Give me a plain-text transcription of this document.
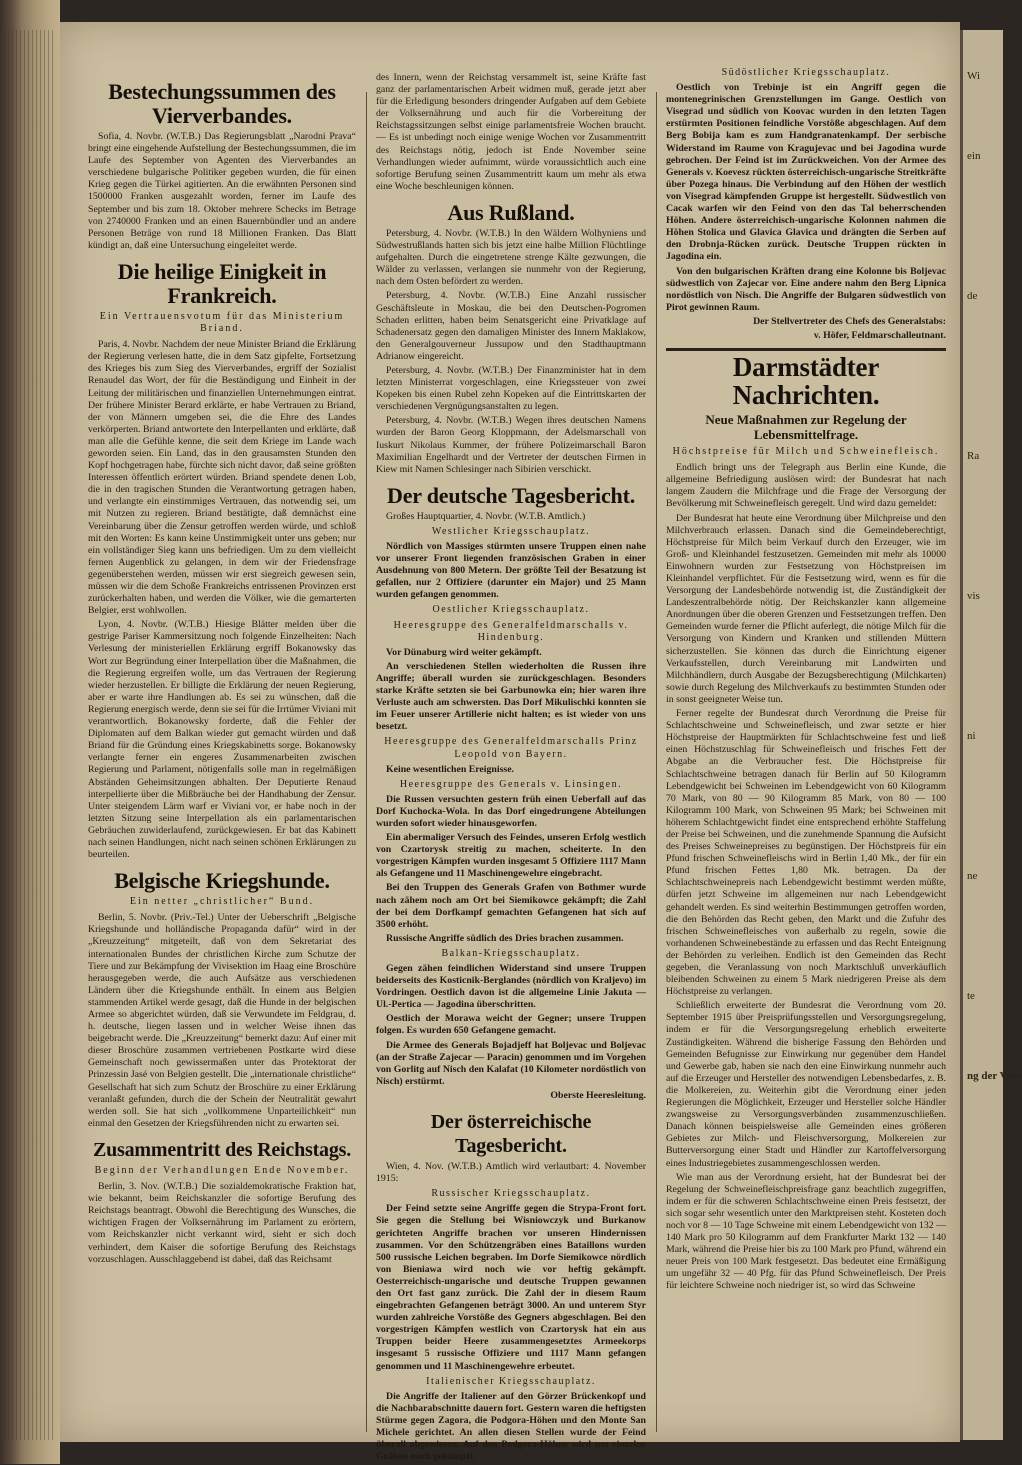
Bestechungssummen des Vierverbandes.

Sofia, 4. Novbr. (W.T.B.) Das Regierungsblatt „Narodni Prava“ bringt eine eingehende Aufstellung der Bestechungssummen, die im Laufe des September von Agenten des Vierverbandes an verschiedene bulgarische Politiker gegeben wurden, die für einen Krieg gegen die Türkei agitierten. An die erwähnten Personen sind 1500000 Franken ausgezahlt worden, ferner im Laufe des September und bis zum 18. Oktober mehrere Schecks im Betrage von 2740000 Franken und an einen Bauernbündler und an andere Personen Beträge von rund 18 Millionen Franken. Das Blatt kündigt an, daß eine Untersuchung eingeleitet werde.

Die heilige Einigkeit in Frankreich.

Ein Vertrauensvotum für das Ministerium Briand.

Paris, 4. Novbr. Nachdem der neue Minister Briand die Erklärung der Regierung verlesen hatte, die in dem Satz gipfelte, Fortsetzung des Krieges bis zum Sieg des Vierverbandes, ergriff der Sozialist Renaudel das Wort, der für die Beständigung und Einheit in der Leitung der militärischen und finanziellen Unternehmungen eintrat. Der frühere Minister Berard erklärte, er habe Vertrauen zu Briand, der von Männern umgeben sei, die die Ehre des Landes verkörperten. Briand antwortete den Interpellanten und erklärte, daß man alle die Gefühle kenne, die seit dem Kriege im Lande wach geworden seien. Ein Land, das in den grausamsten Stunden den Kopf hochgetragen habe, fürchte sich nicht davor, daß seine größten Interessen öffentlich erörtert würden. Briand spendete denen Lob, die in den tragischen Stunden die Verantwortung getragen haben, und verlangte ein einstimmiges Vertrauen, das notwendig sei, um mit Nutzen zu regieren. Briand bestätigte, daß demnächst eine Vereinbarung über die Zensur getroffen werden würde, und schloß mit den Worten: Es kann keine Unstimmigkeit unter uns geben; nur ein vollständiger Sieg kann uns befriedigen. Um zu dem vielleicht fernen Augenblick zu gelangen, in dem wir der Friedensfrage gegenüberstehen werden, müssen wir erst siegreich gewesen sein, müssen wir die dem Schoße Frankreichs entrissenen Provinzen erst zurückerhalten haben, und werden die Völker, wie die gemarterten Belgier, erst wohlwollen.

Lyon, 4. Novbr. (W.T.B.) Hiesige Blätter melden über die gestrige Pariser Kammersitzung noch folgende Einzelheiten: Nach Verlesung der ministeriellen Erklärung ergriff Bokanowsky das Wort zur Begründung einer Interpellation über die Maßnahmen, die die Regierung ergreifen wolle, um das Vertrauen der Regierung wieder herzustellen. Er billigte die Erklärung der neuen Regierung, aber er warte ihre Handlungen ab. Es sei zu wünschen, daß die Regierung energisch werde, denn sie sei für die Irrtümer Viviani mit verantwortlich. Bokanowsky forderte, daß die Fehler der Diplomaten auf dem Balkan wieder gut gemacht würden und daß Briand für die Gründung eines Kriegskabinetts sorge. Bokanowsky verlangte ferner ein engeres Zusammenarbeiten zwischen Regierung und Parlament, nötigenfalls solle man in regelmäßigen Abständen Geheimsitzungen abhalten. Der Deputierte Renaud interpellierte über die Mißbräuche bei der Handhabung der Zensur. Unter steigendem Lärm warf er Viviani vor, er habe noch in der letzten Sitzung seine Interpellation als ein parlamentarischen Gebräuchen zuwiderlaufend, zurückgewiesen. Er bat das Kabinett nach seinen Handlungen, nicht nach seinen schönen Erklärungen zu beurteilen.

Belgische Kriegshunde.

Ein netter „christlicher“ Bund.

Berlin, 5. Novbr. (Priv.-Tel.) Unter der Ueberschrift „Belgische Kriegshunde und holländische Propaganda dafür“ wird in der „Kreuzzeitung“ mitgeteilt, daß von dem Sekretariat des internationalen Bundes der christlichen Kirche zum Schutze der Tiere und zur Bekämpfung der Vivisektion im Haag eine Broschüre herausgegeben werde, die auch Aufsätze aus verschiedenen Ländern über die Kriegshunde enthält. In einem aus Belgien stammenden Artikel werde gesagt, daß die Hunde in der belgischen Armee so abgerichtet würden, daß sie Verwundete im Feldgrau, d. h. deutsche, liegen lassen und in welcher Weise ihnen das beigebracht werde. Die „Kreuzzeitung“ bemerkt dazu: Auf einer mit dieser Broschüre zusammen vertriebenen Postkarte wird diese Gemeinschaft noch gewissermaßen unter das Protektorat der Prinzessin Jasé von Belgien gestellt. Die „internationale christliche“ Gesellschaft hat sich zum Schutz der Broschüre zu einer Erklärung veranlaßt gefunden, durch die der Schein der Neutralität gewahrt werden soll. Sie hat sich „vollkommene Unparteilichkeit“ nun einmal den Gesetzen der Kriegsführenden nicht zu erwarten sei.

Zusammentritt des Reichstags.

Beginn der Verhandlungen Ende November.

Berlin, 3. Nov. (W.T.B.) Die sozialdemokratische Fraktion hat, wie bekannt, beim Reichskanzler die sofortige Berufung des Reichstags beantragt. Obwohl die Berechtigung des Wunsches, die wichtigen Fragen der Volksernährung im Parlament zu erörtern, vom Reichskanzler nicht verkannt wird, sieht er sich doch verhindert, dem Kaiser die sofortige Berufung des Reichstags vorzuschlagen. Ausschlaggebend ist dabei, daß das Reichsamt

des Innern, wenn der Reichstag versammelt ist, seine Kräfte fast ganz der parlamentarischen Arbeit widmen muß, gerade jetzt aber für die Erledigung besonders dringender Aufgaben auf dem Gebiete der Volksernährung und auch für die Vorbereitung der Reichstagssitzungen selbst einige parlamentsfreie Wochen braucht. — Es ist unbedingt noch einige wenige Wochen vor Zusammentritt des Reichstags nötig, jedoch ist Ende November seine Verhandlungen wieder aufnimmt, würde voraussichtlich auch eine sofortige Berufung seinen Zusammentritt kaum um mehr als etwa eine Woche beschleunigen können.

Aus Rußland.

Petersburg, 4. Novbr. (W.T.B.) In den Wäldern Wolhyniens und Südwestrußlands hatten sich bis jetzt eine halbe Million Flüchtlinge aufgehalten. Durch die eingetretene strenge Kälte gezwungen, die Wälder zu verlassen, verlangen sie nunmehr von der Regierung, nach dem Osten befördert zu werden.

Petersburg, 4. Novbr. (W.T.B.) Eine Anzahl russischer Geschäftsleute in Moskau, die bei den Deutschen-Pogromen Schaden erlitten, haben beim Senatsgericht eine Privatklage auf Schadenersatz gegen den damaligen Minister des Innern Maklakow, den Generalgouverneur Jussupow und den Stadthauptmann Adrianow eingereicht.

Petersburg, 4. Novbr. (W.T.B.) Der Finanzminister hat in dem letzten Ministerrat vorgeschlagen, eine Kriegssteuer von zwei Kopeken bis einen Rubel zehn Kopeken auf die Eintrittskarten der verschiedenen Vergnügungsanstalten zu legen.

Petersburg, 4. Novbr. (W.T.B.) Wegen ihres deutschen Namens wurden der Baron Georg Kloppmann, der Adelsmarschall von Iuskurt Nikolaus Kummer, der frühere Polizeimarschall Baron Maximilian Engelhardt und der Vertreter der deutschen Firmen in Kiew mit Namen Schlesinger nach Sibirien verschickt.

Der deutsche Tagesbericht.

Großes Hauptquartier, 4. Novbr. (W.T.B. Amtlich.)

Westlicher Kriegsschauplatz.

Nördlich von Massiges stürmten unsere Truppen einen nahe vor unserer Front liegenden französischen Graben in einer Ausdehnung von 800 Metern. Der größte Teil der Besatzung ist gefallen, nur 2 Offiziere (darunter ein Major) und 25 Mann wurden gefangen genommen.

Oestlicher Kriegsschauplatz.

Heeresgruppe des Generalfeldmarschalls v. Hindenburg.

Vor Dünaburg wird weiter gekämpft.

An verschiedenen Stellen wiederholten die Russen ihre Angriffe; überall wurden sie zurückgeschlagen. Besonders starke Kräfte setzten sie bei Garbunowka ein; hier waren ihre Verluste auch am schwersten. Das Dorf Mikulischki konnten sie im Feuer unserer Artillerie nicht halten; es ist wieder von uns besetzt.

Heeresgruppe des Generalfeldmarschalls Prinz Leopold von Bayern.

Keine wesentlichen Ereignisse.

Heeresgruppe des Generals v. Linsingen.

Die Russen versuchten gestern früh einen Ueberfall auf das Dorf Kuchocka-Wola. In das Dorf eingedrungene Abteilungen wurden sofort wieder hinausgeworfen.

Ein abermaliger Versuch des Feindes, unseren Erfolg westlich von Czartorysk streitig zu machen, scheiterte. In den vorgestrigen Kämpfen wurden insgesamt 5 Offiziere 1117 Mann als Gefangene und 11 Maschinengewehre eingebracht.

Bei den Truppen des Generals Grafen von Bothmer wurde nach zähem noch am Ort bei Siemikowce gekämpft; die Zahl der bei dem Dorfkampf gemachten Gefangenen hat sich auf 3500 erhöht.

Russische Angriffe südlich des Dries brachen zusammen.

Balkan-Kriegsschauplatz.

Gegen zähen feindlichen Widerstand sind unsere Truppen beiderseits des Kosticnik-Berglandes (nördlich von Kraljevo) im Vordringen. Oestlich davon ist die allgemeine Linie Jakuta — Ul.-Pertica — Jagodina überschritten.

Oestlich der Morawa weicht der Gegner; unsere Truppen folgen. Es wurden 650 Gefangene gemacht.

Die Armee des Generals Bojadjeff hat Boljevac und Boljevac (an der Straße Zajecar — Paracin) genommen und im Vorgehen von Gorlitg auf Nisch den Kalafat (10 Kilometer nordöstlich von Nisch) erstürmt.

Oberste Heeresleitung.

Der österreichische Tagesbericht.

Wien, 4. Nov. (W.T.B.) Amtlich wird verlautbart: 4. November 1915:

Russischer Kriegsschauplatz.

Der Feind setzte seine Angriffe gegen die Strypa-Front fort. Sie gegen die Stellung bei Wisniowczyk und Burkanow gerichteten Angriffe brachen vor unseren Hindernissen zusammen. Vor den Schützengräben eines Bataillons wurden 500 russische Leichen begraben. Im Dorfe Siemikowce nördlich von Bieniawa wird noch wie vor heftig gekämpft. Oesterreichisch-ungarische und deutsche Truppen gewannen den Ort fast ganz zurück. Die Zahl der in diesem Raum eingebrachten Gefangenen beträgt 3000. An und unterem Styr wurden zahlreiche Vorstöße des Gegners abgeschlagen. Bei den vorgestrigen Kämpfen westlich von Czartorysk hat ein aus Truppen beider Heere zusammengesetztes Armeekorps insgesamt 5 russische Offiziere und 1117 Mann gefangen genommen und 11 Maschinengewehre erbeutet.

Italienischer Kriegsschauplatz.

Die Angriffe der Italiener auf den Görzer Brückenkopf und die Nachbarabschnitte dauern fort. Gestern waren die heftigsten Stürme gegen Zagora, die Podgora-Höhen und den Monte San Michele gerichtet. An allen diesen Stellen wurde der Feind überall abgewiesen. Auf den Podgora-Höhen wird um einzelne Gräben noch gekämpft.

Südöstlicher Kriegsschauplatz.

Oestlich von Trebinje ist ein Angriff gegen die montenegrinischen Grenzstellungen im Gange. Oestlich von Visegrad und südlich von Koovac wurden in den letzten Tagen erstürmten Positionen feindliche Vorstöße abgeschlagen. Auf dem Berg Bobija kam es zum Handgranatenkampf. Der serbische Widerstand im Raume von Kragujevac und bei Jagodina wurde gebrochen. Der Feind ist im Zurückweichen. Von der Armee des Generals v. Koevesz rückten österreichisch-ungarische Streitkräfte über Pozega hinaus. Die Verbindung auf den Höhen der westlich von Visegrad kämpfenden Gruppe ist hergestellt. Südwestlich von Cacak warfen wir den Feind von den das Tal beherrschenden Höhen. Andere österreichisch-ungarische Kolonnen nahmen die Höhen Stolica und Glavica Glavica und drängten die Serben auf den Drobnja-Rücken zurück. Deutsche Truppen rückten in Jagodina ein.

Von den bulgarischen Kräften drang eine Kolonne bis Boljevac südwestlich von Zajecar vor. Eine andere nahm den Berg Lipnica nordöstlich von Nisch. Die Angriffe der Bulgaren südwestlich von Pirot gewinnen Raum.

Der Stellvertreter des Chefs des Generalstabs:

v. Höfer, Feldmarschalleutnant.

Darmstädter Nachrichten.

Neue Maßnahmen zur Regelung der Lebensmittelfrage.

Höchstpreise für Milch und Schweinefleisch.

Endlich bringt uns der Telegraph aus Berlin eine Kunde, die allgemeine Befriedigung auslösen wird: der Bundesrat hat nach langem Zaudern die Milchfrage und die Frage der Versorgung der Bevölkerung mit Schweinefleisch geregelt. Und wird dazu gemeldet:

Der Bundesrat hat heute eine Verordnung über Milchpreise und den Milchverbrauch erlassen. Danach sind die Gemeindeberechtigt, Höchstpreise für Milch beim Verkauf durch den Erzeuger, wie im Groß- und Kleinhandel festzusetzen. Gemeinden mit mehr als 10000 Einwohnern wurden zur Festsetzung von Höchstpreisen im Kleinhandel verpflichtet. Für die Festsetzung wird, wenn es für die Versorgung der Landesbehörde notwendig ist, die Zuständigkeit der Landeszentralbehörde nötig. Der Reichskanzler kann allgemeine Anordnungen über die oberen Grenzen und Festsetzungen treffen. Den Gemeinden wurde ferner die Pflicht auferlegt, die nötige Milch für die Versorgung von Kindern und Kranken und stillenden Müttern sicherzustellen. Sie können das durch die Einrichtung eigener Verkaufsstellen, durch Vereinbarung mit Landwirten und Milchhändlern, durch Ausgabe der Bezugsberechtigung (Milchkarten) sowie durch Regelung des Milchverkaufs zu bestimmten Stunden oder in sonst geeigneter Weise tun.

Ferner regelte der Bundesrat durch Verordnung die Preise für Schlachtschweine und Schweinefleisch, und zwar setzte er hier Höchstpreise der Hauptmärkten für Schlachtschweine fest und ließ einen Höchstzuschlag für Schweinefleisch und frisches Fett der Abgabe an die Verbraucher fest. Die Höchstpreise für Schlachtschweine betragen danach für Berlin auf 50 Kilogramm Lebendgewicht bei Schweinen im Lebendgewicht von 60 Kilogramm 70 Mark, von 80 — 90 Kilogramm 85 Mark, von 80 — 100 Kilogramm 100 Mark, von Schweinen 95 Mark; bei Schweinen mit höherem Schlachtgewicht findet eine entsprechend erhöhte Staffelung der Preise bei Schweinen, und die zunehmende Spannung die Aufsicht des Preises Schweinepreises zu begünstigen. Der Höchstpreis für ein Pfund frischen Schweinefleischs wird in Berlin 1,40 Mk., der für ein Pfund frischen Fettes 1,80 Mk. betragen. Da der Schlachtschweinepreis nach Lebendgewicht bestimmt werden müßte, dürfen jetzt Schweine im allgemeinen nur nach Lebendgewicht gehandelt werden. Es sind weiterhin Bestimmungen getroffen worden, die den Behörden das Recht geben, den Markt und die Zufuhr des frischen Schweinefleisches von außerhalb zu regeln, sowie die vorhandenen Schweinebestände zu erfassen und das Recht Enteignung der Behörden zu verleihen. Endlich ist den Gemeinden das Recht gegeben, die Veranlassung von noch Marktschluß unverkäuflich bleibenden Schweinen zu einem 5 Mark niedrigeren Preise als dem Höchstpreise zu verlangen.

Schließlich erweiterte der Bundesrat die Verordnung vom 20. September 1915 über Preisprüfungsstellen und Versorgungsregelung, indem er für die Versorgungsregelung erheblich erweiterte Zuständigkeiten. Während die bisherige Fassung den Behörden und Gemeinden Befugnisse zur Einwirkung nur gegenüber dem Handel und Gewerbe gab, haben sie nach den eine Einwirkung nunmehr auch auf die Erzeuger und Hersteller des notwendigen Lebensbedarfes, z. B. die Molkereien, zu. Weiterhin gibt die Verordnung einer jeden Regierungen die Möglichkeit, Erzeuger und Hersteller solche Händler zwangsweise zu Versorgungsverbänden zusammenzuschließen. Danach können beispielsweise alle Gemeinden eines größeren Gebietes zur Milch- und Fleischversorgung, Molkereien zur Butterversorgung einer Stadt und Händler zur Kartoffelversorgung eines Industriegebietes zusammengeschlossen werden.

Wie man aus der Verordnung ersieht, hat der Bundesrat bei der Regelung der Schweinefleischpreisfrage ganz beachtlich zugegriffen, indem er für die schweren Schlachtschweine einen Preis festsetzt, der sich sogar sehr wesentlich unter den Marktpreisen steht. Kosteten doch noch vor 8 — 10 Tage Schweine mit einem Lebendgewicht von 132 — 140 Mark pro 50 Kilogramm auf dem Frankfurter Markt 132 — 140 Mark, während die Preise hier bis zu 100 Mark pro Pfund, während ein neuer Preis von 100 Mark festgesetzt. Das bedeutet eine Ermäßigung um ungefähr 32 — 40 Pfg. für das Pfund Schweinefleisch. Der Preis für leichtere Schweine noch niedriger ist, so wird das Schweine

Wi
ein
de
Ra
vis
ni
ne
te
ng der Vorr
